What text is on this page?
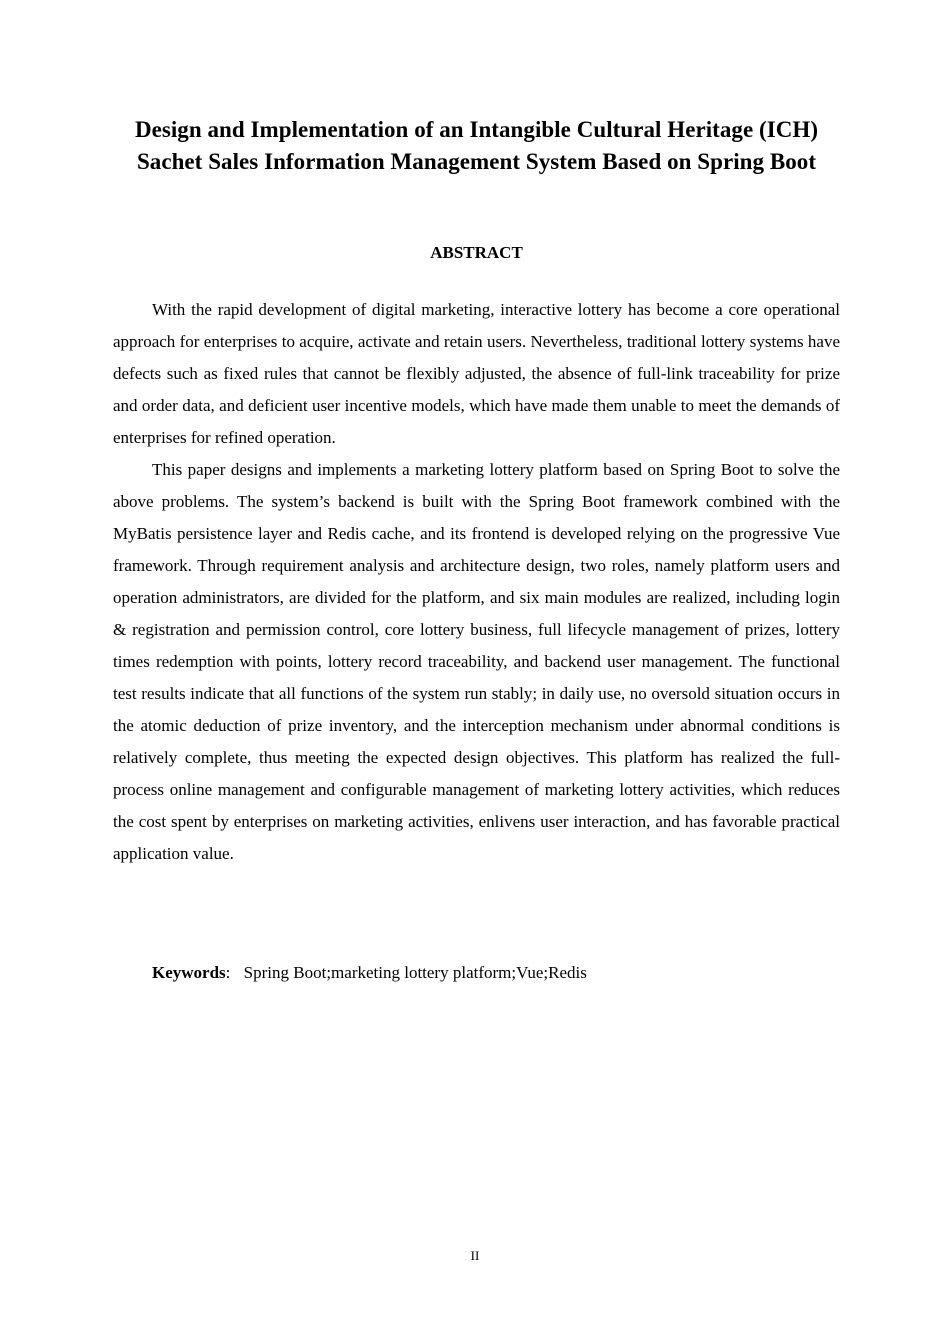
Design and Implementation of an Intangible Cultural Heritage (ICH) Sachet Sales Information Management System Based on Spring Boot
ABSTRACT

With the rapid development of digital marketing, interactive lottery has become a core operational approach for enterprises to acquire, activate and retain users. Nevertheless, traditional lottery systems have defects such as fixed rules that cannot be flexibly adjusted, the absence of full-link traceability for prize and order data, and deficient user incentive models, which have made them unable to meet the demands of enterprises for refined operation.

This paper designs and implements a marketing lottery platform based on Spring Boot to solve the above problems. The system’s backend is built with the Spring Boot framework combined with the MyBatis persistence layer and Redis cache, and its frontend is developed relying on the progressive Vue framework. Through requirement analysis and architecture design, two roles, namely platform users and operation administrators, are divided for the platform, and six main modules are realized, including login & registration and permission control, core lottery business, full lifecycle management of prizes, lottery times redemption with points, lottery record traceability, and backend user management. The functional test results indicate that all functions of the system run stably; in daily use, no oversold situation occurs in the atomic deduction of prize inventory, and the interception mechanism under abnormal conditions is relatively complete, thus meeting the expected design objectives. This platform has realized the full-process online management and configurable management of marketing lottery activities, which reduces the cost spent by enterprises on marketing activities, enlivens user interaction, and has favorable practical application value.

Keywords: Spring Boot;marketing lottery platform;Vue;Redis

II
